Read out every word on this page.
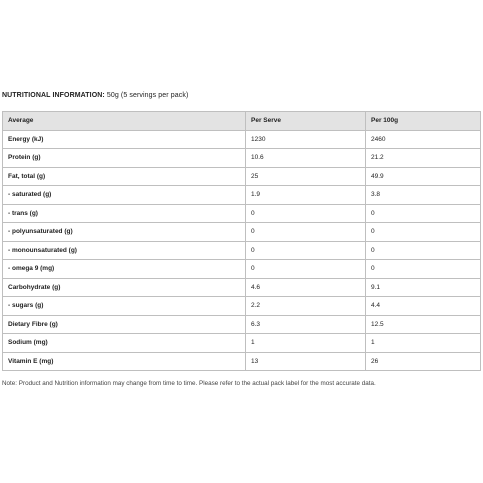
NUTRITIONAL INFORMATION: 50g (5 servings per pack)
Average	Per Serve	Per 100g
Energy (kJ)	1230	2460
Protein (g)	10.6	21.2
Fat, total (g)	25	49.9
- saturated (g)	1.9	3.8
- trans (g)	0	0
- polyunsaturated (g)	0	0
- monounsaturated (g)	0	0
- omega 9 (mg)	0	0
Carbohydrate (g)	4.6	9.1
- sugars (g)	2.2	4.4
Dietary Fibre (g)	6.3	12.5
Sodium (mg)	1	1
Vitamin E (mg)	13	26
Note: Product and Nutrition information may change from time to time. Please refer to the actual pack label for the most accurate data.
